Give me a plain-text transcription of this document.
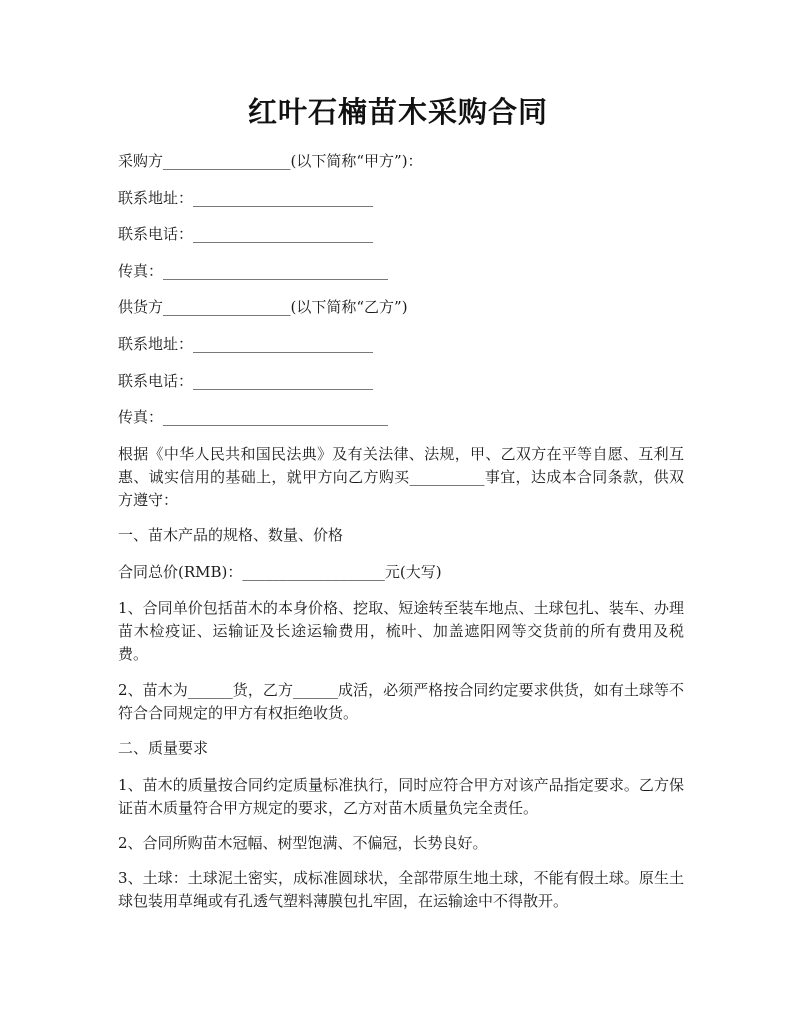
红叶石楠苗木采购合同
采购方_________________(以下简称“甲方”)：
联系地址：________________________
联系电话：________________________
传真：______________________________
供货方_________________(以下简称“乙方”)
联系地址：________________________
联系电话：________________________
传真：______________________________
根据《中华人民共和国民法典》及有关法律、法规，甲、乙双方在平等自愿、互利互惠、诚实信用的基础上，就甲方向乙方购买__________事宜，达成本合同条款，供双方遵守：
一、苗木产品的规格、数量、价格
合同总价(RMB)：___________________元(大写)
1、合同单价包括苗木的本身价格、挖取、短途转至装车地点、土球包扎、装车、办理苗木检疫证、运输证及长途运输费用，梳叶、加盖遮阳网等交货前的所有费用及税费。
2、苗木为______货，乙方______成活，必须严格按合同约定要求供货，如有土球等不符合合同规定的甲方有权拒绝收货。
二、质量要求
1、苗木的质量按合同约定质量标准执行，同时应符合甲方对该产品指定要求。乙方保证苗木质量符合甲方规定的要求，乙方对苗木质量负完全责任。
2、合同所购苗木冠幅、树型饱满、不偏冠，长势良好。
3、土球：土球泥土密实，成标准圆球状，全部带原生地土球，不能有假土球。原生土球包装用草绳或有孔透气塑料薄膜包扎牢固，在运输途中不得散开。
